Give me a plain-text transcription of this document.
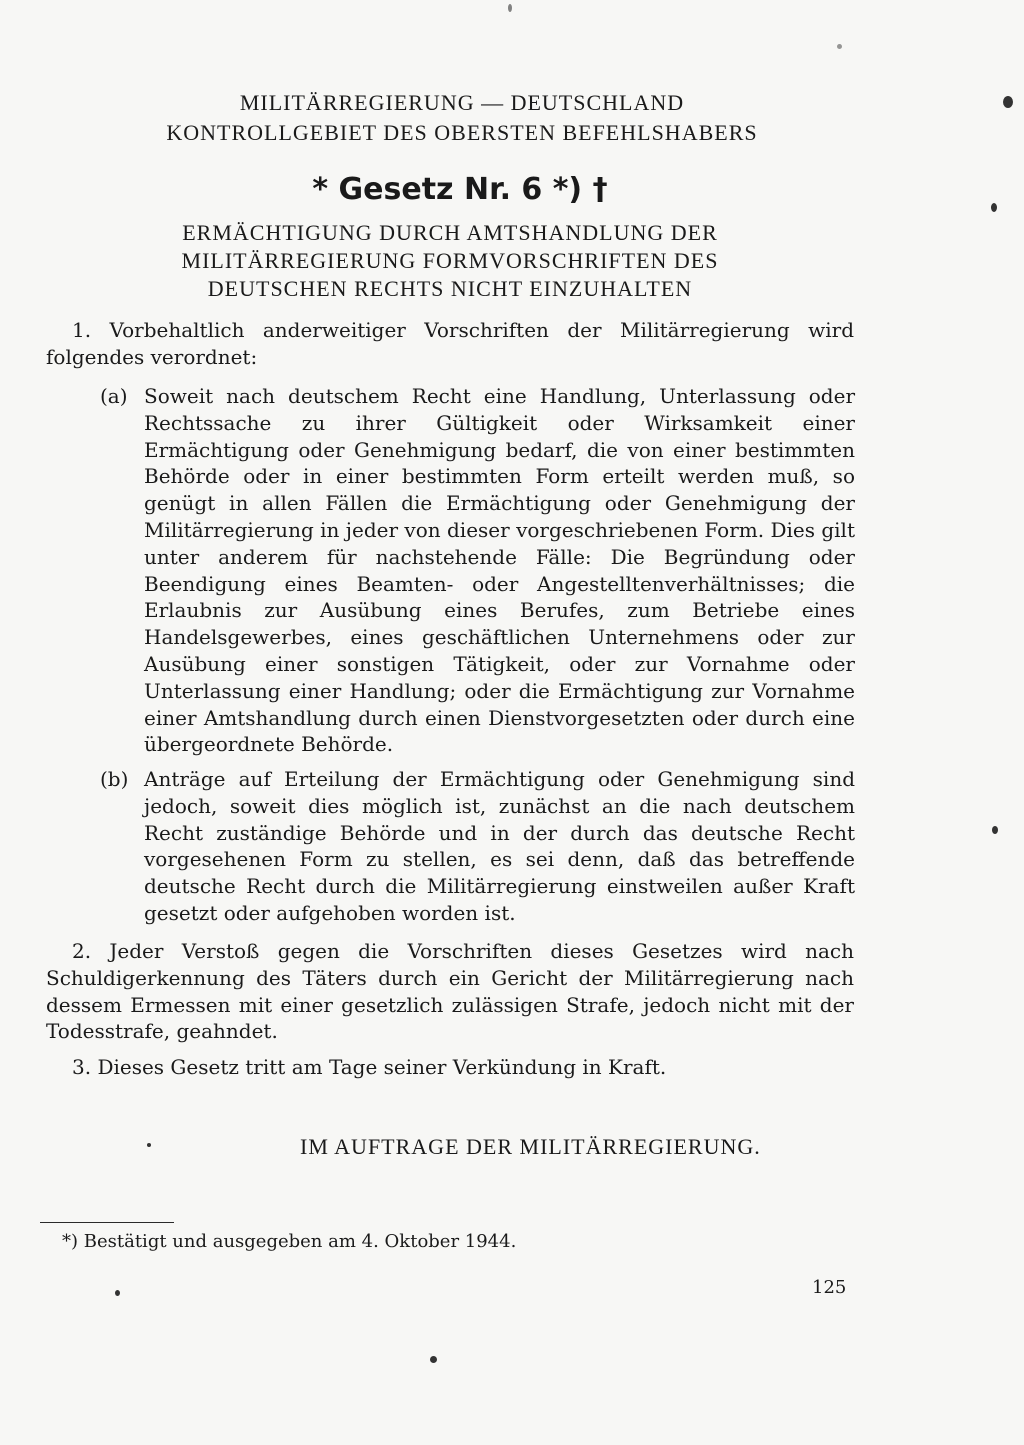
MILITÄRREGIERUNG — DEUTSCHLAND
KONTROLLGEBIET DES OBERSTEN BEFEHLSHABERS
* Gesetz Nr. 6 *) †
ERMÄCHTIGUNG DURCH AMTSHANDLUNG DER
MILITÄRREGIERUNG FORMVORSCHRIFTEN DES
DEUTSCHEN RECHTS NICHT EINZUHALTEN
1. Vorbehaltlich anderweitiger Vorschriften der Militärregierung wird folgendes verordnet:
(a) Soweit nach deutschem Recht eine Handlung, Unterlassung oder Rechtssache zu ihrer Gültigkeit oder Wirksamkeit einer Ermächtigung oder Genehmigung bedarf, die von einer bestimmten Behörde oder in einer bestimmten Form erteilt werden muß, so genügt in allen Fällen die Ermächtigung oder Genehmigung der Militärregierung in jeder von dieser vorgeschriebenen Form. Dies gilt unter anderem für nachstehende Fälle: Die Begründung oder Beendigung eines Beamten- oder Angestelltenverhältnisses; die Erlaubnis zur Ausübung eines Berufes, zum Betriebe eines Handelsgewerbes, eines geschäftlichen Unternehmens oder zur Ausübung einer sonstigen Tätigkeit, oder zur Vornahme oder Unterlassung einer Handlung; oder die Ermächtigung zur Vornahme einer Amtshandlung durch einen Dienstvorgesetzten oder durch eine übergeordnete Behörde.
(b) Anträge auf Erteilung der Ermächtigung oder Genehmigung sind jedoch, soweit dies möglich ist, zunächst an die nach deutschem Recht zuständige Behörde und in der durch das deutsche Recht vorgesehenen Form zu stellen, es sei denn, daß das betreffende deutsche Recht durch die Militärregierung einstweilen außer Kraft gesetzt oder aufgehoben worden ist.
2. Jeder Verstoß gegen die Vorschriften dieses Gesetzes wird nach Schuldigerkennung des Täters durch ein Gericht der Militärregierung nach dessem Ermessen mit einer gesetzlich zulässigen Strafe, jedoch nicht mit der Todesstrafe, geahndet.
3. Dieses Gesetz tritt am Tage seiner Verkündung in Kraft.
IM AUFTRAGE DER MILITÄRREGIERUNG.
*) Bestätigt und ausgegeben am 4. Oktober 1944.
125
